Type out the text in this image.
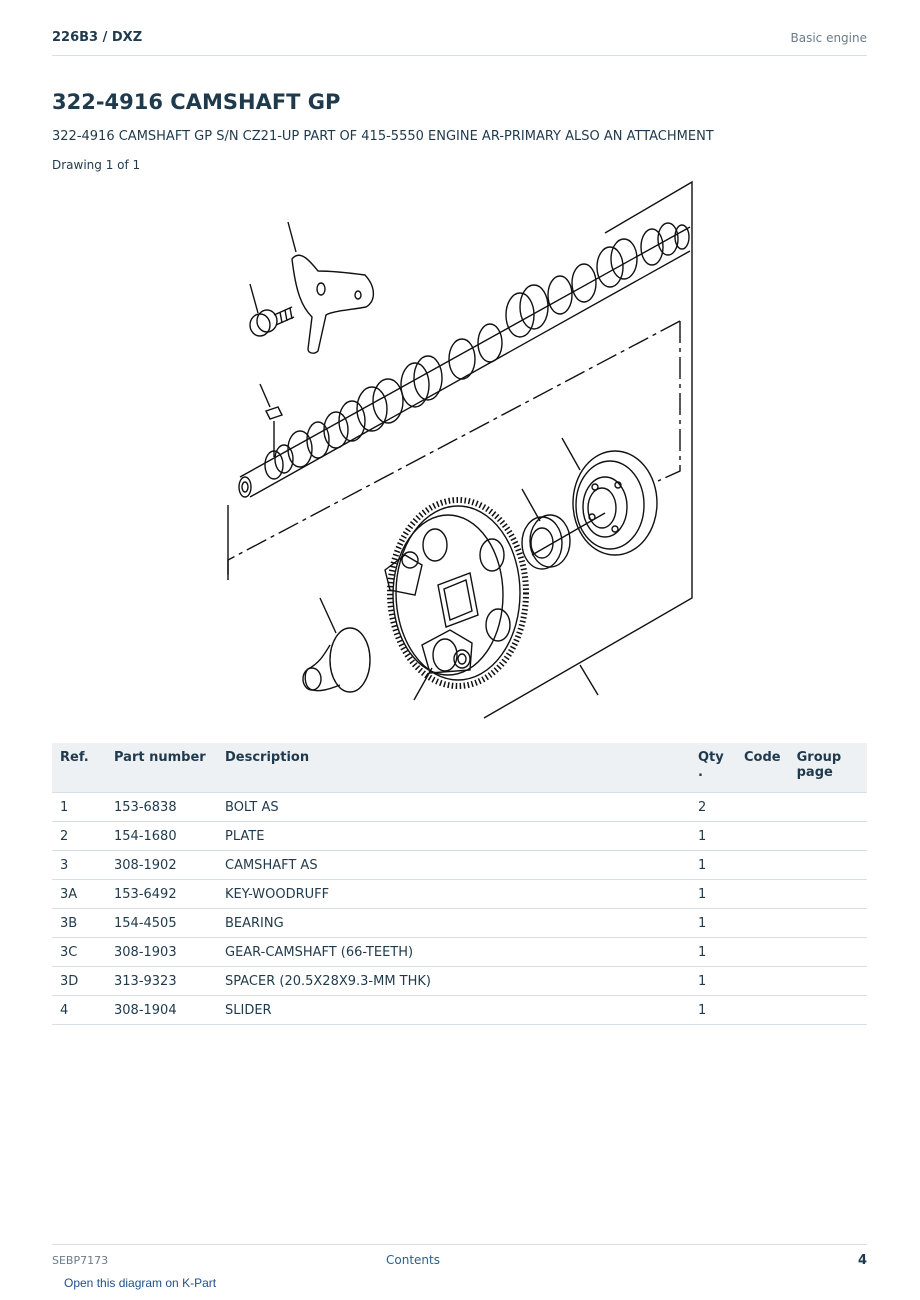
226B3 / DXZ	Basic engine
322-4916 CAMSHAFT GP
322-4916 CAMSHAFT GP S/N CZ21-UP PART OF 415-5550 ENGINE AR-PRIMARY ALSO AN ATTACHMENT
Drawing 1 of 1
Ref.	Part number	Description	Qty .	Code	Group page
1	153-6838	BOLT AS	2		
2	154-1680	PLATE	1		
3	308-1902	CAMSHAFT AS	1		
3A	153-6492	KEY-WOODRUFF	1		
3B	154-4505	BEARING	1		
3C	308-1903	GEAR-CAMSHAFT (66-TEETH)	1		
3D	313-9323	SPACER (20.5X28X9.3-MM THK)	1		
4	308-1904	SLIDER	1		
SEBP7173	Contents	4
Open this diagram on K-Part
